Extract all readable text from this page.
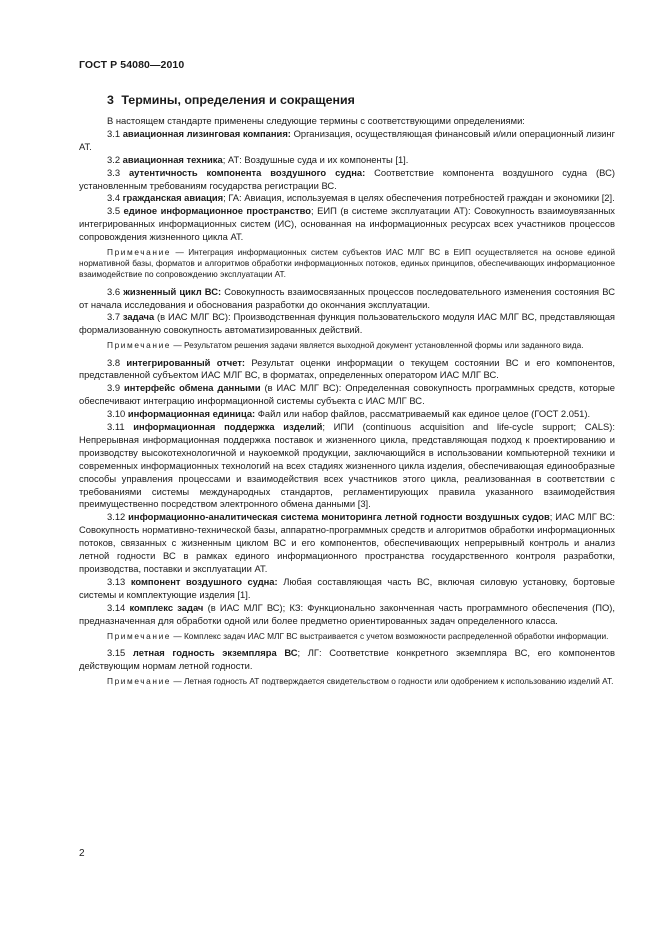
ГОСТ Р 54080—2010
3 Термины, определения и сокращения

В настоящем стандарте применены следующие термины с соответствующими определениями:

3.1 авиационная лизинговая компания: Организация, осуществляющая финансовый и/или операционный лизинг АТ.

3.2 авиационная техника; АТ: Воздушные суда и их компоненты [1].

3.3 аутентичность компонента воздушного судна: Соответствие компонента воздушного судна (ВС) установленным требованиям государства регистрации ВС.

3.4 гражданская авиация; ГА: Авиация, используемая в целях обеспечения потребностей граждан и экономики [2].

3.5 единое информационное пространство; ЕИП (в системе эксплуатации АТ): Совокупность взаимоувязанных интегрированных информационных систем (ИС), основанная на информационных ресурсах всех участников процессов сопровождения жизненного цикла АТ.

Примечание — Интеграция информационных систем субъектов ИАС МЛГ ВС в ЕИП осуществляется на основе единой нормативной базы, форматов и алгоритмов обработки информационных потоков, единых принципов, обеспечивающих информационное взаимодействие по сопровождению эксплуатации АТ.

3.6 жизненный цикл ВС: Совокупность взаимосвязанных процессов последовательного изменения состояния ВС от начала исследования и обоснования разработки до окончания эксплуатации.

3.7 задача (в ИАС МЛГ ВС): Производственная функция пользовательского модуля ИАС МЛГ ВС, представляющая формализованную совокупность автоматизированных действий.

Примечание — Результатом решения задачи является выходной документ установленной формы или заданного вида.

3.8 интегрированный отчет: Результат оценки информации о текущем состоянии ВС и его компонентов, представленной субъектом ИАС МЛГ ВС, в форматах, определенных оператором ИАС МЛГ ВС.

3.9 интерфейс обмена данными (в ИАС МЛГ ВС): Определенная совокупность программных средств, которые обеспечивают интеграцию информационной системы субъекта с ИАС МЛГ ВС.

3.10 информационная единица: Файл или набор файлов, рассматриваемый как единое целое (ГОСТ 2.051).

3.11 информационная поддержка изделий; ИПИ (continuous acquisition and life-cycle support; CALS): Непрерывная информационная поддержка поставок и жизненного цикла, представляющая подход к проектированию и производству высокотехнологичной и наукоемкой продукции, заключающийся в использовании компьютерной техники и современных информационных технологий на всех стадиях жизненного цикла изделия, обеспечивающая единообразные способы управления процессами и взаимодействия всех участников этого цикла, реализованная в соответствии с требованиями системы международных стандартов, регламентирующих правила указанного взаимодействия преимущественно посредством электронного обмена данными [3].

3.12 информационно-аналитическая система мониторинга летной годности воздушных судов; ИАС МЛГ ВС: Совокупность нормативно-технической базы, аппаратно-программных средств и алгоритмов обработки информационных потоков, связанных с жизненным циклом ВС и его компонентов, обеспечивающих непрерывный контроль и анализ летной годности ВС в рамках единого информационного пространства государственного контроля разработки, производства, поставки и эксплуатации АТ.

3.13 компонент воздушного судна: Любая составляющая часть ВС, включая силовую установку, бортовые системы и комплектующие изделия [1].

3.14 комплекс задач (в ИАС МЛГ ВС); КЗ: Функционально законченная часть программного обеспечения (ПО), предназначенная для обработки одной или более предметно ориентированных задач определенного класса.

Примечание — Комплекс задач ИАС МЛГ ВС выстраивается с учетом возможности распределенной обработки информации.

3.15 летная годность экземпляра ВС; ЛГ: Соответствие конкретного экземпляра ВС, его компонентов действующим нормам летной годности.

Примечание — Летная годность АТ подтверждается свидетельством о годности или одобрением к использованию изделий АТ.

2
